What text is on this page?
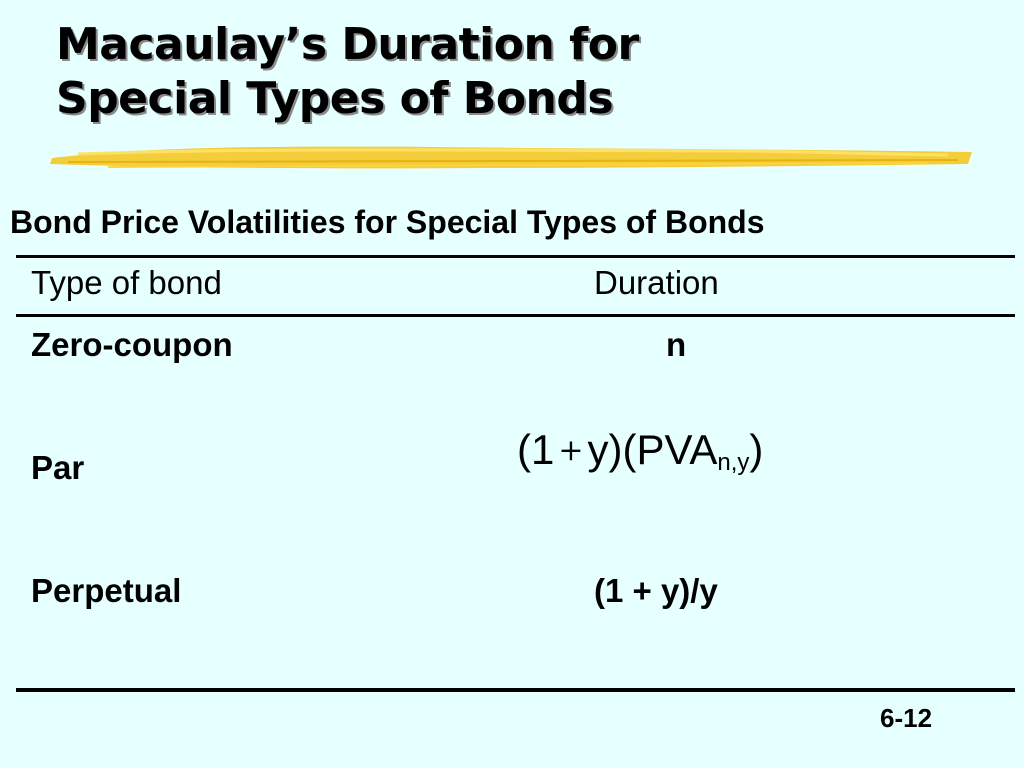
Macaulay’s Duration for
Special Types of Bonds
Bond Price Volatilities for Special Types of Bonds
Type of bond	Duration
Zero-coupon	n
Par	$(1 +y)(PVA_{n,y})$
Perpetual	(1 + y)/y
6-12
